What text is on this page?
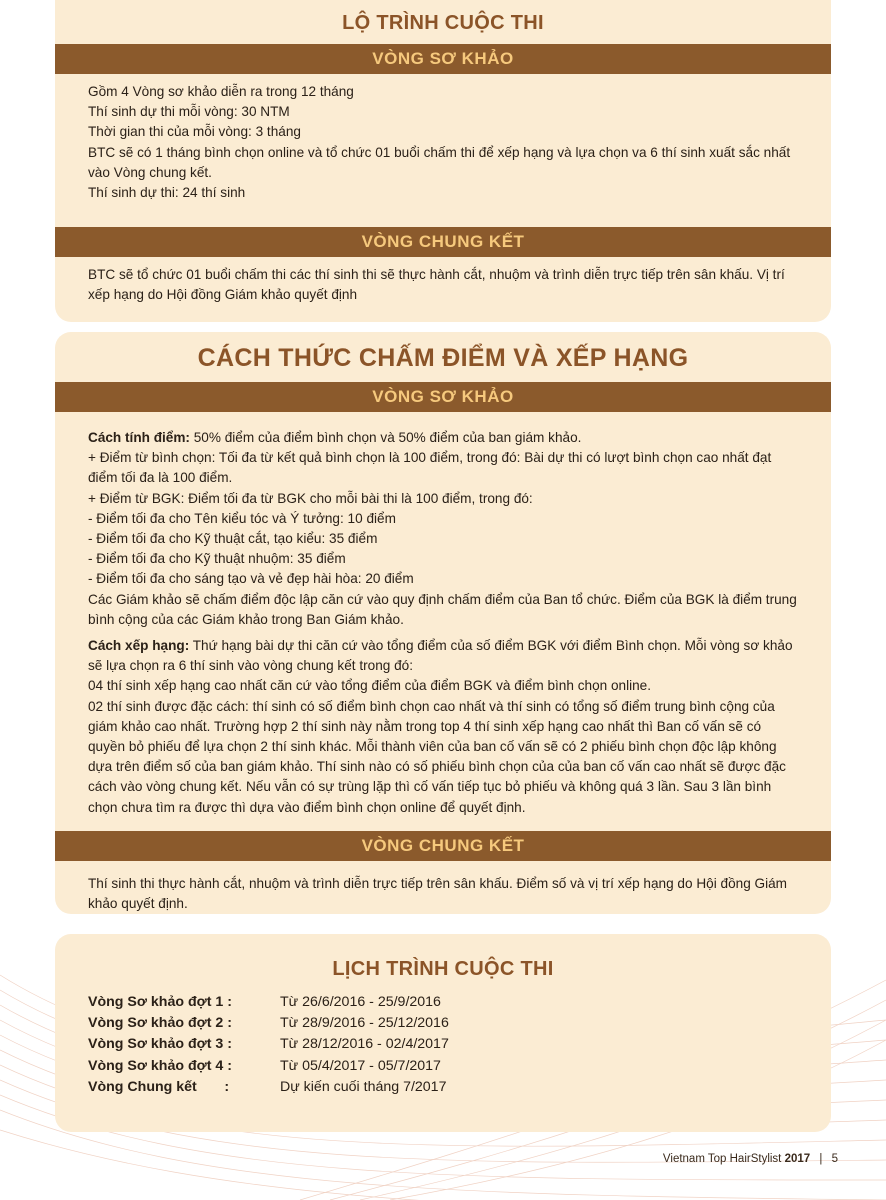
LỘ TRÌNH CUỘC THI
VÒNG SƠ KHẢO

Gồm 4 Vòng sơ khảo diễn ra trong 12 tháng

Thí sinh dự thi mỗi vòng: 30 NTM

Thời gian thi của mỗi vòng: 3 tháng

BTC sẽ có 1 tháng bình chọn online và tổ chức 01 buổi chấm thi để xếp hạng và lựa chọn va 6 thí sinh xuất sắc nhất vào Vòng chung kết.

Thí sinh dự thi: 24 thí sinh

VÒNG CHUNG KẾT
BTC sẽ tổ chức 01 buổi chấm thi các thí sinh thi sẽ thực hành cắt, nhuộm và trình diễn trực tiếp trên sân khấu. Vị trí xếp hạng do Hội đồng Giám khảo quyết định
CÁCH THỨC CHẤM ĐIỂM VÀ XẾP HẠNG
VÒNG SƠ KHẢO

Cách tính điểm: 50% điểm của điểm bình chọn và 50% điểm của ban giám khảo.

+ Điểm từ bình chọn: Tối đa từ kết quả bình chọn là 100 điểm, trong đó: Bài dự thi có lượt bình chọn cao nhất đạt điểm tối đa là 100 điểm.

+ Điểm từ BGK: Điểm tối đa từ BGK cho mỗi bài thi là 100 điểm, trong đó:

- Điểm tối đa cho Tên kiểu tóc và Ý tưởng: 10 điểm

- Điểm tối đa cho Kỹ thuật cắt, tạo kiểu: 35 điểm

- Điểm tối đa cho Kỹ thuật nhuộm: 35 điểm

- Điểm tối đa cho sáng tạo và vẻ đẹp hài hòa: 20 điểm

Các Giám khảo sẽ chấm điểm độc lập căn cứ vào quy định chấm điểm của Ban tổ chức. Điểm của BGK là điểm trung bình cộng của các Giám khảo trong Ban Giám khảo.

Cách xếp hạng: Thứ hạng bài dự thi căn cứ vào tổng điểm của số điểm BGK với điểm Bình chọn. Mỗi vòng sơ khảo sẽ lựa chọn ra 6 thí sinh vào vòng chung kết trong đó:

04 thí sinh xếp hạng cao nhất căn cứ vào tổng điểm của điểm BGK và điểm bình chọn online.

02 thí sinh được đặc cách: thí sinh có số điểm bình chọn cao nhất và thí sinh có tổng số điểm trung bình cộng của giám khảo cao nhất. Trường hợp 2 thí sinh này nằm trong top 4 thí sinh xếp hạng cao nhất thì Ban cố vấn sẽ có quyền bỏ phiếu để lựa chọn 2 thí sinh khác. Mỗi thành viên của ban cố vấn sẽ có 2 phiếu bình chọn độc lập không dựa trên điểm số của ban giám khảo. Thí sinh nào có số phiếu bình chọn của của ban cố vấn cao nhất sẽ được đặc cách vào vòng chung kết. Nếu vẫn có sự trùng lặp thì cố vấn tiếp tục bỏ phiếu và không quá 3 lần. Sau 3 lần bình chọn chưa tìm ra được thì dựa vào điểm bình chọn online để quyết định.

VÒNG CHUNG KẾT
Thí sinh thi thực hành cắt, nhuộm và trình diễn trực tiếp trên sân khấu. Điểm số và vị trí xếp hạng do Hội đồng Giám khảo quyết định.
LỊCH TRÌNH CUỘC THI
Vòng Sơ khảo đợt 1 :	Từ 26/6/2016 - 25/9/2016
Vòng Sơ khảo đợt 2 :	Từ 28/9/2016 - 25/12/2016
Vòng Sơ khảo đợt 3 :	Từ 28/12/2016 - 02/4/2017
Vòng Sơ khảo đợt 4 :	Từ 05/4/2017 - 05/7/2017
Vòng Chung kết       :	Dự kiến cuối tháng 7/2017
Vietnam Top HairStylist 2017 | 5
